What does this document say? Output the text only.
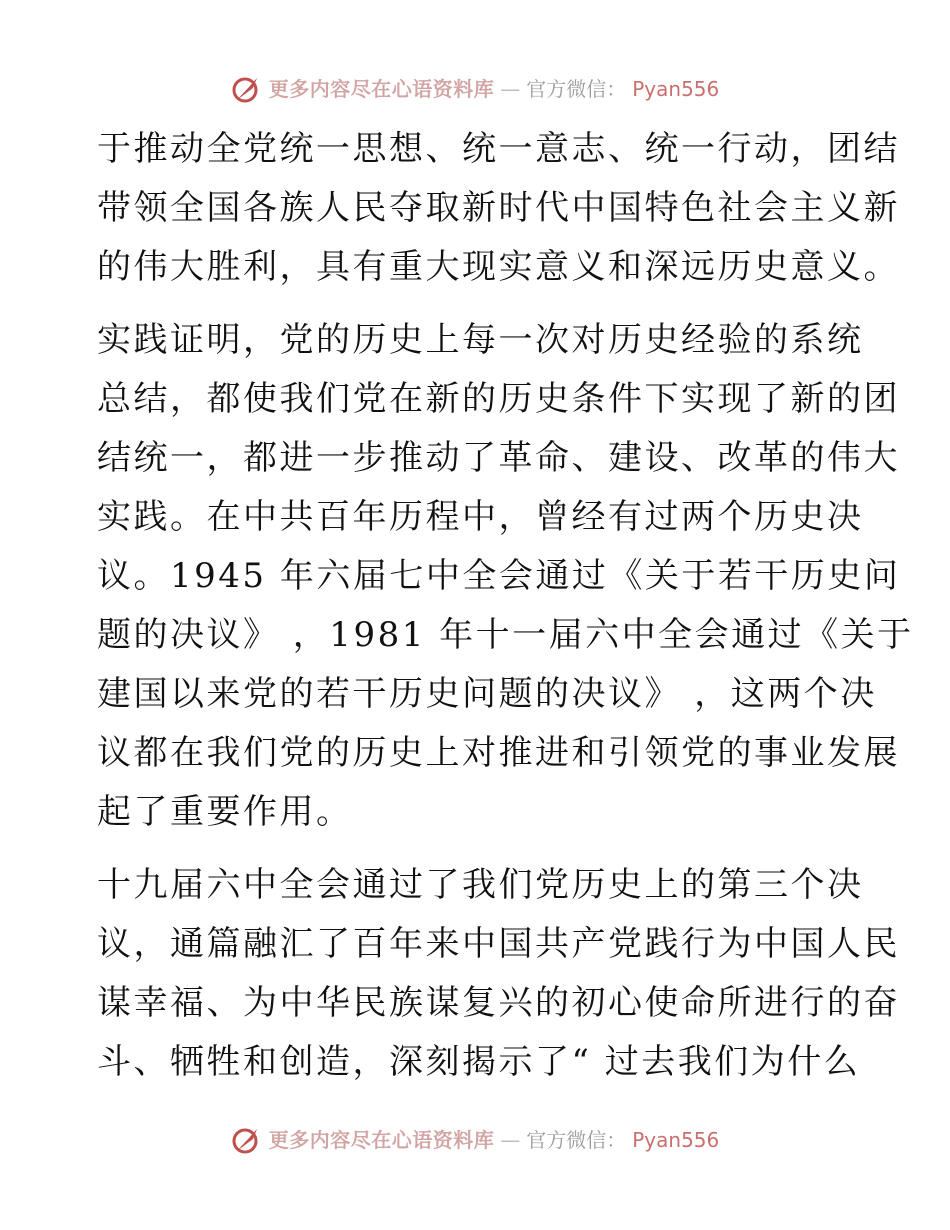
更多内容尽在心语资料库 — 官方微信： Pyan556

于推动全党统一思想、统一意志、统一行动，团结
带领全国各族人民夺取新时代中国特色社会主义新
的伟大胜利，具有重大现实意义和深远历史意义。

实践证明，党的历史上每一次对历史经验的系统
总结，都使我们党在新的历史条件下实现了新的团
结统一，都进一步推动了革命、建设、改革的伟大
实践。在中共百年历程中，曾经有过两个历史决
议。1945 年六届七中全会通过《关于若干历史问
题的决议》 ，1981 年十一届六中全会通过《关于
建国以来党的若干历史问题的决议》 ，这两个决
议都在我们党的历史上对推进和引领党的事业发展
起了重要作用。

十九届六中全会通过了我们党历史上的第三个决
议，通篇融汇了百年来中国共产党践行为中国人民
谋幸福、为中华民族谋复兴的初心使命所进行的奋
斗、牺牲和创造，深刻揭示了“ 过去我们为什么

更多内容尽在心语资料库 — 官方微信： Pyan556
